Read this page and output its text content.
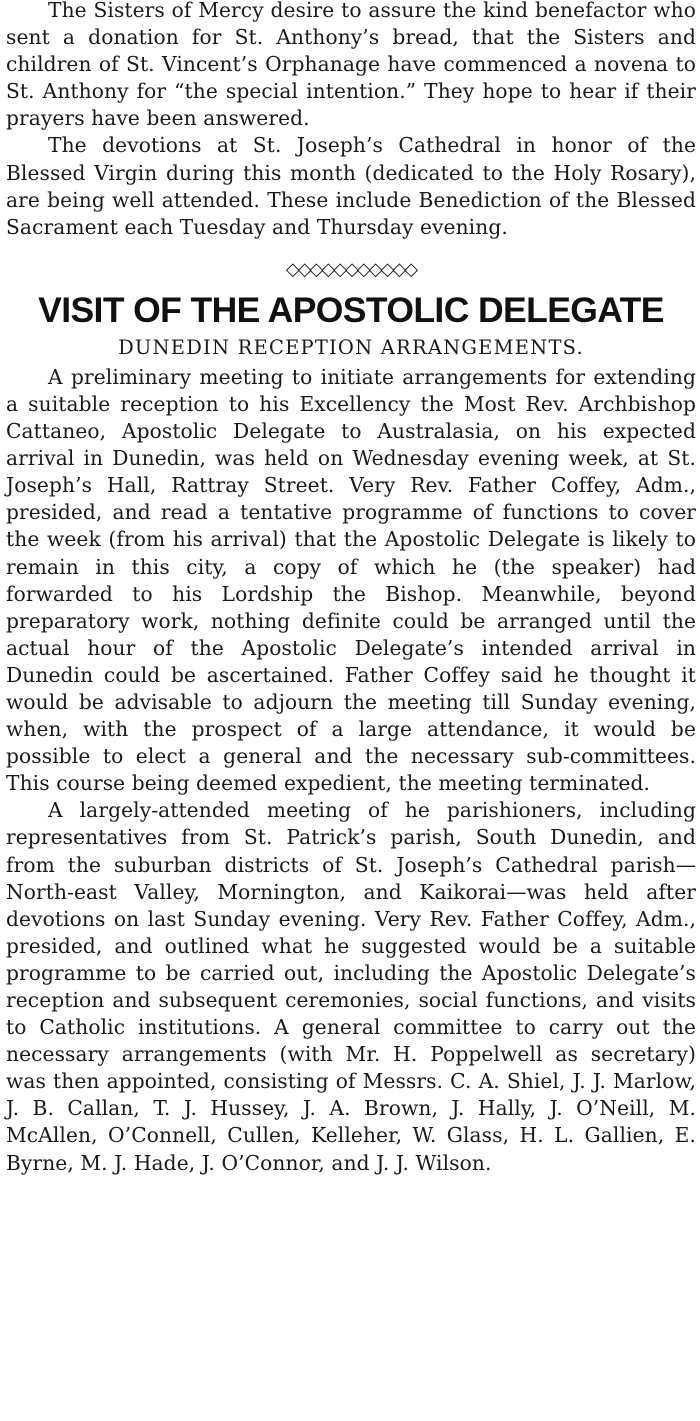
The Sisters of Mercy desire to assure the kind benefactor who sent a donation for St. Anthony’s bread, that the Sisters and children of St. Vincent’s Orphanage have commenced a novena to St. Anthony for “the special intention.” They hope to hear if their prayers have been answered.

The devotions at St. Joseph’s Cathedral in honor of the Blessed Virgin during this month (dedicated to the Holy Rosary), are being well attended. These include Benediction of the Blessed Sacrament each Tuesday and Thursday evening.

◇◇◇◇◇◇◇◇◇◇◇
VISIT OF THE APOSTOLIC DELEGATE
DUNEDIN RECEPTION ARRANGEMENTS.

A preliminary meeting to initiate arrangements for extending a suitable reception to his Excellency the Most Rev. Archbishop Cattaneo, Apostolic Delegate to Australasia, on his expected arrival in Dunedin, was held on Wednesday evening week, at St. Joseph’s Hall, Rattray Street. Very Rev. Father Coffey, Adm., presided, and read a tentative programme of functions to cover the week (from his arrival) that the Apostolic Delegate is likely to remain in this city, a copy of which he (the speaker) had forwarded to his Lordship the Bishop. Meanwhile, beyond preparatory work, nothing definite could be arranged until the actual hour of the Apostolic Delegate’s intended arrival in Dunedin could be ascertained. Father Coffey said he thought it would be advisable to adjourn the meeting till Sunday evening, when, with the prospect of a large attendance, it would be possible to elect a general and the necessary sub-committees. This course being deemed expedient, the meeting terminated.

A largely-attended meeting of he parishioners, including representatives from St. Patrick’s parish, South Dunedin, and from the suburban districts of St. Joseph’s Cathedral parish—North-east Valley, Mornington, and Kaikorai—was held after devotions on last Sunday evening. Very Rev. Father Coffey, Adm., presided, and outlined what he suggested would be a suitable programme to be carried out, including the Apostolic Delegate’s reception and subsequent ceremonies, social functions, and visits to Catholic institutions. A general committee to carry out the necessary arrangements (with Mr. H. Poppelwell as secretary) was then appointed, consisting of Messrs. C. A. Shiel, J. J. Marlow, J. B. Callan, T. J. Hussey, J. A. Brown, J. Hally, J. O’Neill, M. McAllen, O’Connell, Cullen, Kelleher, W. Glass, H. L. Gallien, E. Byrne, M. J. Hade, J. O’Connor, and J. J. Wilson.
